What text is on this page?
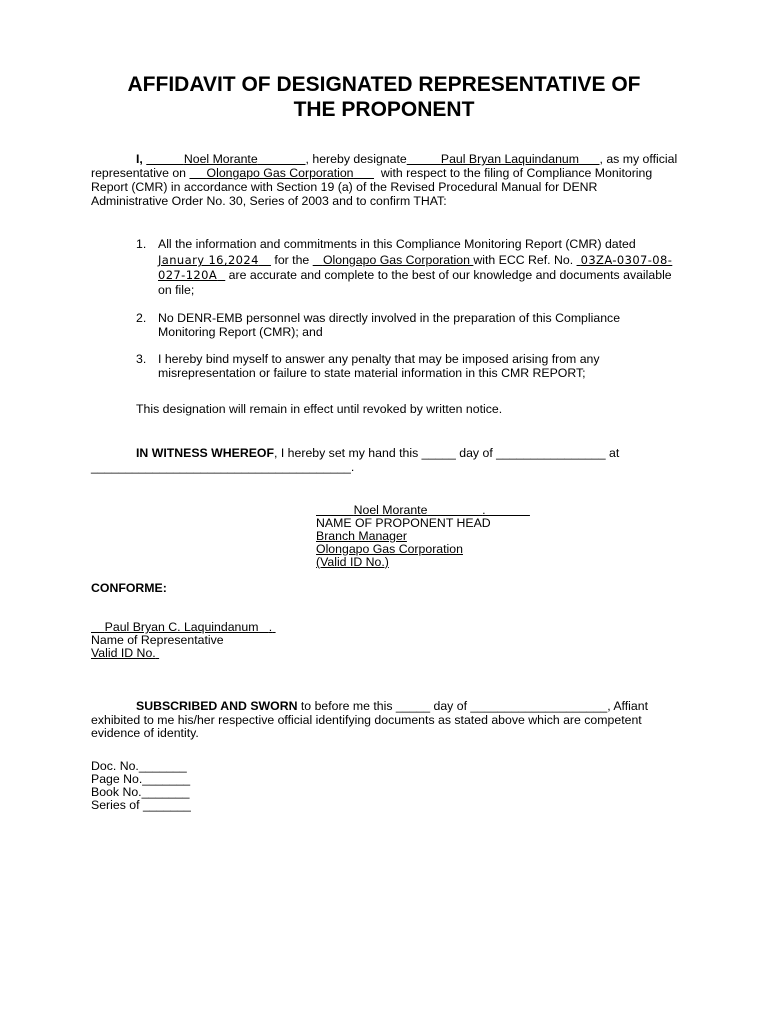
AFFIDAVIT OF DESIGNATED REPRESENTATIVE OF
THE PROPONENT
I,	Noel Morante	, hereby designate	Paul Bryan Laquindanum , as my official
representative on Olongapo Gas Corporation with respect to the filing of Compliance Monitoring
Report (CMR) in accordance with Section 19 (a) of the Revised Procedural Manual for DENR
Administrative Order No. 30, Series of 2003 and to confirm THAT:
1. All the information and commitments in this Compliance Monitoring Report (CMR) dated
January 16,2024 for the Olongapo Gas Corporation with ECC Ref. No. 03ZA-0307-08-
027-120A are accurate and complete to the best of our knowledge and documents available
on file;
2. No DENR-EMB personnel was directly involved in the preparation of this Compliance
Monitoring Report (CMR); and
3. I hereby bind myself to answer any penalty that may be imposed arising from any
misrepresentation or failure to state material information in this CMR REPORT;
This designation will remain in effect until revoked by written notice.
IN WITNESS WHEREOF, I hereby set my hand this _____ day of ________________ at
______________________________________.
Noel Morante	.
NAME OF PROPONENT HEAD
Branch Manager
Olongapo Gas Corporation
(Valid ID No.)
CONFORME:
Paul Bryan C. Laquindanum .
Name of Representative
Valid ID No.
SUBSCRIBED AND SWORN to before me this _____ day of ____________________, Affiant
exhibited to me his/her respective official identifying documents as stated above which are competent
evidence of identity.
Doc. No._______
Page No._______
Book No._______
Series of _______
